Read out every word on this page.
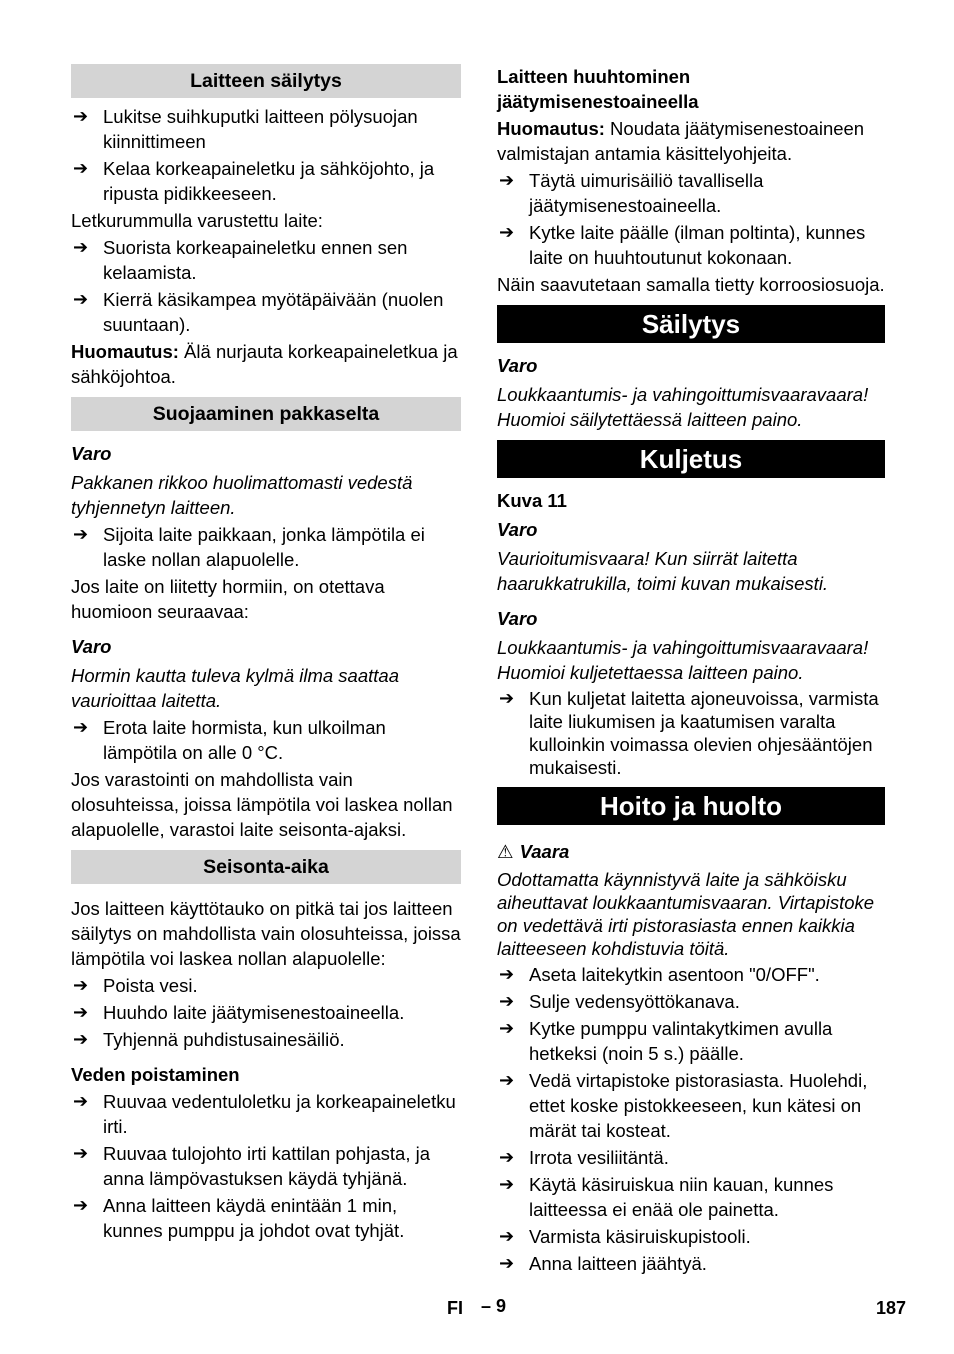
Laitteen säilytys
➔ Lukitse suihkuputki laitteen pölysuojan kiinnittimeen
➔ Kelaa korkeapaineletku ja sähköjohto, ja ripusta pidikkeeseen.
Letkurummulla varustettu laite:
➔ Suorista korkeapaineletku ennen sen kelaamista.
➔ Kierrä käsikampea myötäpäivään (nuolen suuntaan).
Huomautus: Älä nurjauta korkeapaineletkua ja sähköjohtoa.
Suojaaminen pakkaselta
Varo
Pakkanen rikkoo huolimattomasti vedestä tyhjennetyn laitteen.
➔ Sijoita laite paikkaan, jonka lämpötila ei laske nollan alapuolelle.
Jos laite on liitetty hormiin, on otettava huomioon seuraavaa:
Varo
Hormin kautta tuleva kylmä ilma saattaa vaurioittaa laitetta.
➔ Erota laite hormista, kun ulkoilman lämpötila on alle 0 °C.
Jos varastointi on mahdollista vain olosuhteissa, joissa lämpötila voi laskea nollan alapuolelle, varastoi laite seisonta-ajaksi.
Seisonta-aika
Jos laitteen käyttötauko on pitkä tai jos laitteen säilytys on mahdollista vain olosuhteissa, joissa lämpötila voi laskea nollan alapuolelle:
➔ Poista vesi.
➔ Huuhdo laite jäätymisenestoaineella.
➔ Tyhjennä puhdistusainesäiliö.
Veden poistaminen
➔ Ruuvaa vedentuloletku ja korkeapaineletku irti.
➔ Ruuvaa tulojohto irti kattilan pohjasta, ja anna lämpövastuksen käydä tyhjänä.
➔ Anna laitteen käydä enintään 1 min, kunnes pumppu ja johdot ovat tyhjät.
Laitteen huuhtominen jäätymisenestoaineella
Huomautus: Noudata jäätymisenestoaineen valmistajan antamia käsittelyohjeita.
➔ Täytä uimurisäiliö tavallisella jäätymisenestoaineella.
➔ Kytke laite päälle (ilman poltinta), kunnes laite on huuhtoutunut kokonaan.
Näin saavutetaan samalla tietty korroosiosuoja.
Säilytys
Varo
Loukkaantumis- ja vahingoittumisvaaravaara! Huomioi säilytettäessä laitteen paino.
Kuljetus
Kuva 11
Varo
Vaurioitumisvaara! Kun siirrät laitetta haarukkatrukilla, toimi kuvan mukaisesti.
Varo
Loukkaantumis- ja vahingoittumisvaaravaara! Huomioi kuljetettaessa laitteen paino.
➔ Kun kuljetat laitetta ajoneuvoissa, varmista laite liukumisen ja kaatumisen varalta kulloinkin voimassa olevien ohjesääntöjen mukaisesti.
Hoito ja huolto
⚠ Vaara
Odottamatta käynnistyvä laite ja sähköisku aiheuttavat loukkaantumisvaaran. Virtapistoke on vedettävä irti pistorasiasta ennen kaikkia laitteeseen kohdistuvia töitä.
➔ Aseta laitekytkin asentoon "0/OFF".
➔ Sulje vedensyöttökanava.
➔ Kytke pumppu valintakytkimen avulla hetkeksi (noin 5 s.) päälle.
➔ Vedä virtapistoke pistorasiasta. Huolehdi, ettet koske pistokkeeseen, kun kätesi on märät tai kosteat.
➔ Irrota vesiliitäntä.
➔ Käytä käsiruiskua niin kauan, kunnes laitteessa ei enää ole painetta.
➔ Varmista käsiruiskupistooli.
➔ Anna laitteen jäähtyä.
FI – 9	187
